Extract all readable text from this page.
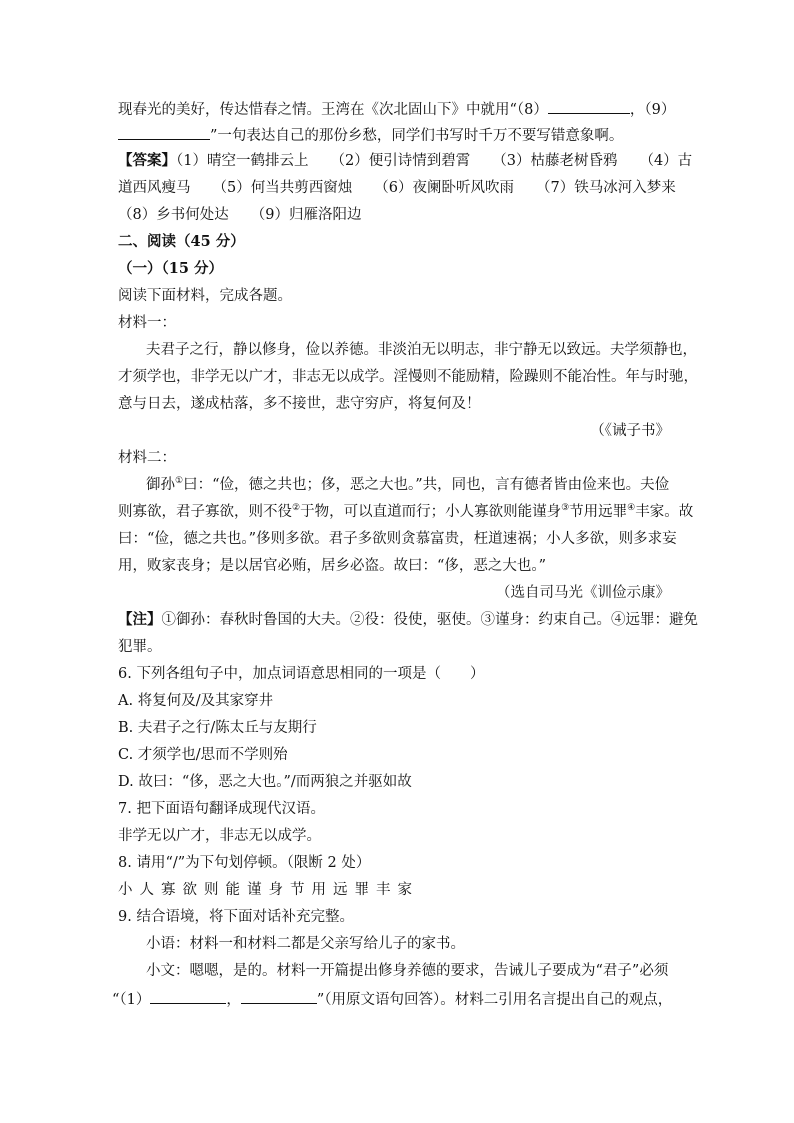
现春光的美好，传达惜春之情。王湾在《次北固山下》中就用“（8）	，（9）
”一句表达自己的那份乡愁，同学们书写时千万不要写错意象啊。
【答案】（1）晴空一鹤排云上 （2）便引诗情到碧霄 （3）枯藤老树昏鸦 （4）古
道西风瘦马 （5）何当共剪西窗烛 （6）夜阑卧听风吹雨 （7）铁马冰河入梦来
（8）乡书何处达 （9）归雁洛阳边
二、阅读（45 分）
（一）（15 分）
阅读下面材料，完成各题。
材料一：
夫君子之行，静以修身，俭以养德。非淡泊无以明志，非宁静无以致远。夫学须静也，
才须学也，非学无以广才，非志无以成学。淫慢则不能励精，险躁则不能冶性。年与时驰，
意与日去，遂成枯落，多不接世，悲守穷庐，将复何及！
（《诫子书》
材料二：
御孙①曰：“俭，德之共也；侈，恶之大也。”共，同也，言有德者皆由俭来也。夫俭
则寡欲，君子寡欲，则不役②于物，可以直道而行；小人寡欲则能谨身③节用远罪④丰家。故
曰：“俭，德之共也。”侈则多欲。君子多欲则贪慕富贵，枉道速祸；小人多欲，则多求妄
用，败家丧身；是以居官必贿，居乡必盗。故曰：“侈，恶之大也。”
（选自司马光《训俭示康》
【注】①御孙：春秋时鲁国的大夫。②役：役使，驱使。③谨身：约束自己。④远罪：避免
犯罪。
6. 下列各组句子中，加点词语意思相同的一项是（　　）
A. 将复何及/及其家穿井
B. 夫君子之行/陈太丘与友期行
C. 才须学也/思而不学则殆
D. 故曰：“侈，恶之大也。”/而两狼之并驱如故
7. 把下面语句翻译成现代汉语。
非学无以广才，非志无以成学。
8. 请用“/”为下句划停顿。（限断 2 处）
小人寡欲则能谨身节用远罪丰家
9. 结合语境，将下面对话补充完整。
小语：材料一和材料二都是父亲写给儿子的家书。
小文：嗯嗯，是的。材料一开篇提出修身养德的要求，告诫儿子要成为“君子”必须
“（1）	，	”（用原文语句回答）。材料二引用名言提出自己的观点，
